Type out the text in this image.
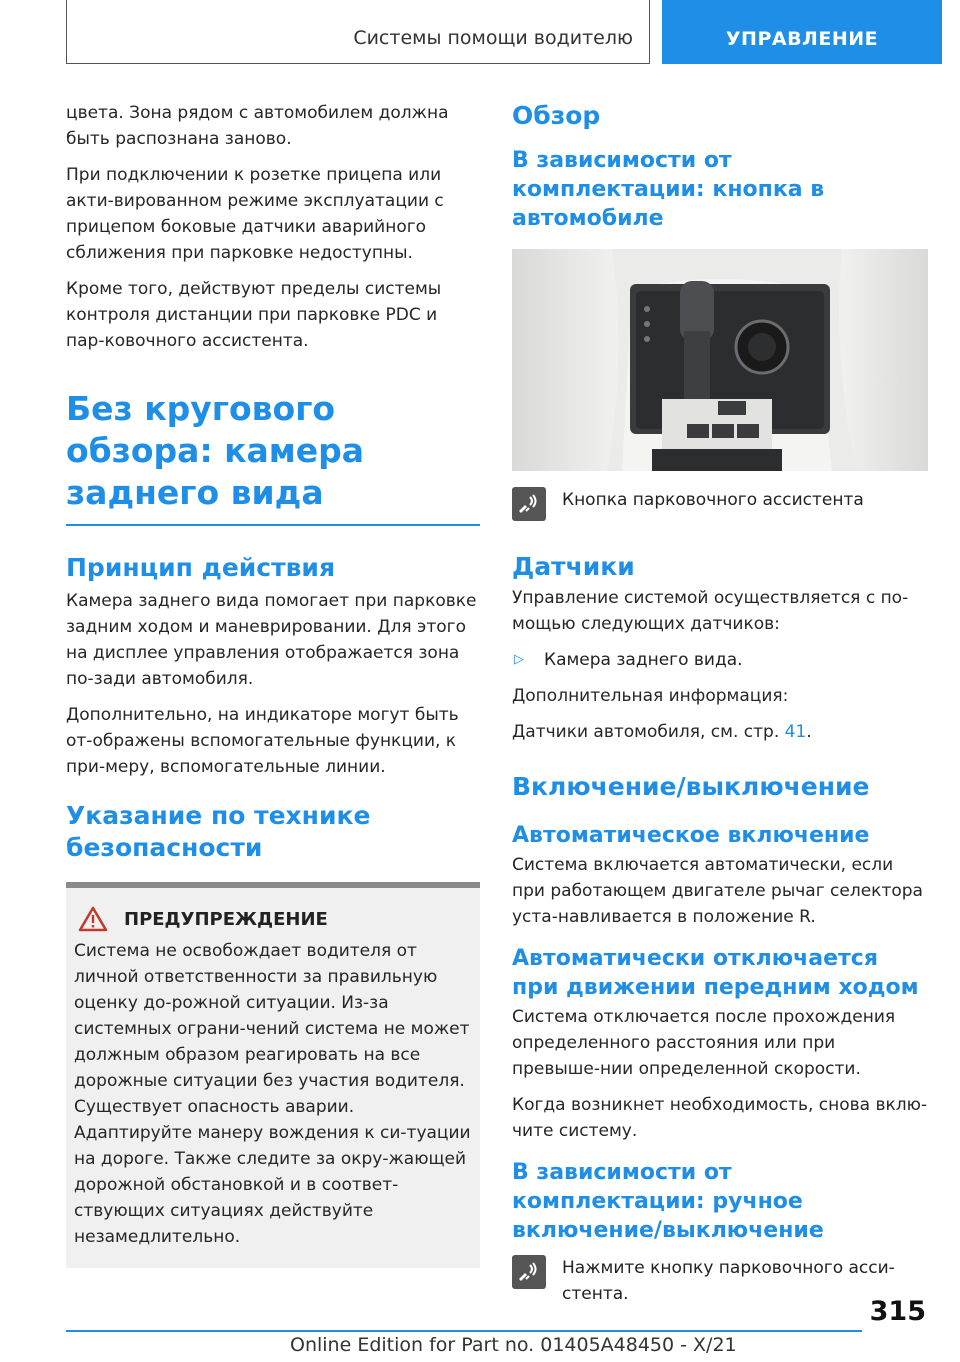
Системы помощи водителю	УПРАВЛЕНИЕ

цвета. Зона рядом с автомобилем должна быть распознана заново.

При подключении к розетке прицепа или акти-вированном режиме эксплуатации с прицепом боковые датчики аварийного сближения при парковке недоступны.

Кроме того, действуют пределы системы контроля дистанции при парковке PDC и пар-ковочного ассистента.

Без кругового обзора: камера заднего вида
Принцип действия

Камера заднего вида помогает при парковке задним ходом и маневрировании. Для этого на дисплее управления отображается зона по-зади автомобиля.

Дополнительно, на индикаторе могут быть от-ображены вспомогательные функции, к при-меру, вспомогательные линии.

Указание по технике безопасности
ПРЕДУПРЕЖДЕНИЕ

Система не освобождает водителя от личной ответственности за правильную оценку до-рожной ситуации. Из-за системных ограни-чений система не может должным образом реагировать на все дорожные ситуации без участия водителя. Существует опасность аварии. Адаптируйте манеру вождения к си-туации на дороге. Также следите за окру-жающей дорожной обстановкой и в соответ-ствующих ситуациях действуйте незамедлительно.

Обзор
В зависимости от комплектации: кнопка в автомобиле
Кнопка парковочного ассистента
Датчики

Управление системой осуществляется с по-мощью следующих датчиков:

▷ Камера заднего вида.

Дополнительная информация:

Датчики автомобиля, см. стр. 41.

Включение/выключение
Автоматическое включение

Система включается автоматически, если при работающем двигателе рычаг селектора уста-навливается в положение R.

Автоматически отключается при движении передним ходом

Система отключается после прохождения определенного расстояния или при превыше-нии определенной скорости.

Когда возникнет необходимость, снова вклю-чите систему.

В зависимости от комплектации: ручное включение/выключение
Нажмите кнопку парковочного асси-стента.
315
Online Edition for Part no. 01405A48450 - X/21
